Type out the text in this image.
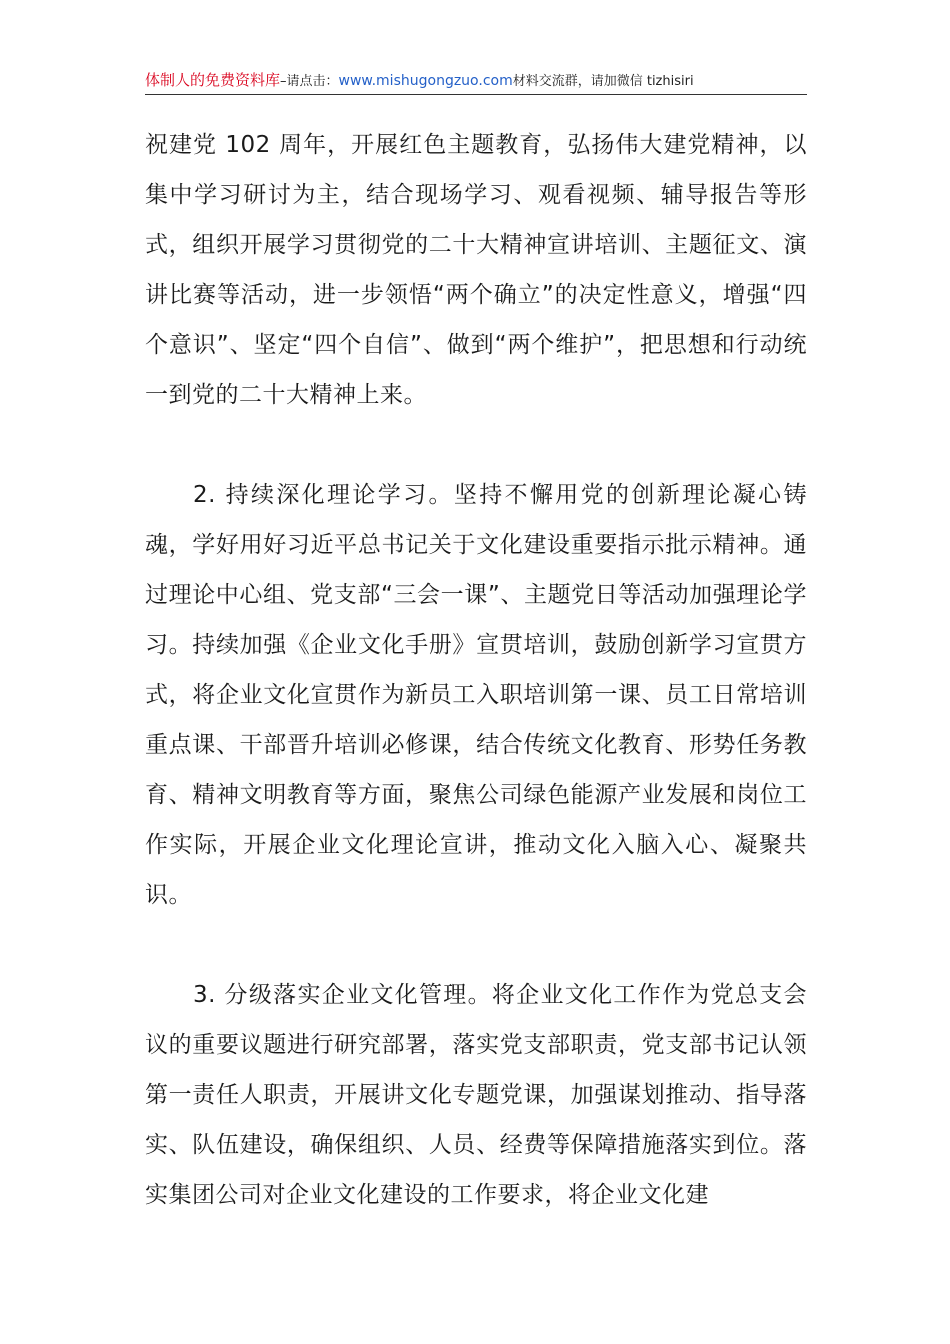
体制人的免费资料库–请点击：www.mishugongzuo.com材料交流群，请加微信 tizhisiri

祝建党 102 周年，开展红色主题教育，弘扬伟大建党精神，以集中学习研讨为主，结合现场学习、观看视频、辅导报告等形式，组织开展学习贯彻党的二十大精神宣讲培训、主题征文、演讲比赛等活动，进一步领悟“两个确立”的决定性意义，增强“四个意识”、坚定“四个自信”、做到“两个维护”，把思想和行动统一到党的二十大精神上来。

2. 持续深化理论学习。坚持不懈用党的创新理论凝心铸魂，学好用好习近平总书记关于文化建设重要指示批示精神。通过理论中心组、党支部“三会一课”、主题党日等活动加强理论学习。持续加强《企业文化手册》宣贯培训，鼓励创新学习宣贯方式，将企业文化宣贯作为新员工入职培训第一课、员工日常培训重点课、干部晋升培训必修课，结合传统文化教育、形势任务教育、精神文明教育等方面，聚焦公司绿色能源产业发展和岗位工作实际，开展企业文化理论宣讲，推动文化入脑入心、凝聚共识。

3. 分级落实企业文化管理。将企业文化工作作为党总支会议的重要议题进行研究部署，落实党支部职责，党支部书记认领第一责任人职责，开展讲文化专题党课，加强谋划推动、指导落实、队伍建设，确保组织、人员、经费等保障措施落实到位。落实集团公司对企业文化建设的工作要求，将企业文化建
